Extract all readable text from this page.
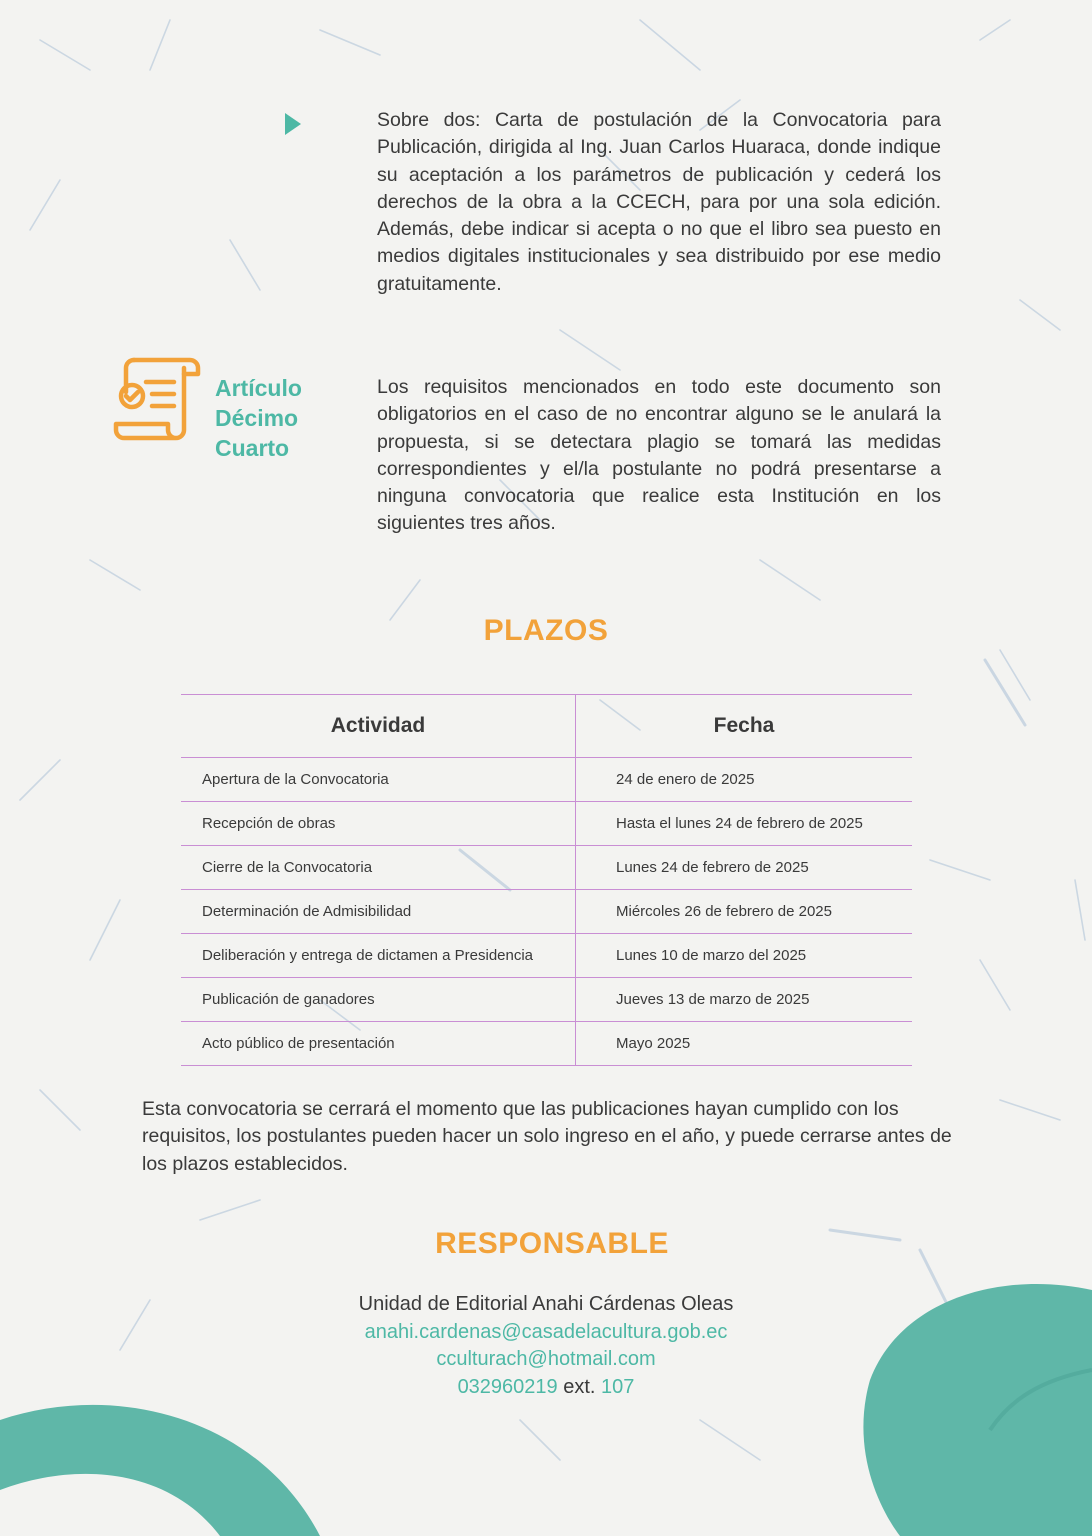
Sobre dos: Carta de postulación de la Convocatoria para Publicación, dirigida al Ing. Juan Carlos Huaraca, donde indique su aceptación a los parámetros de publicación y cederá los derechos de la obra a la CCECH, para por una sola edición. Además, debe indicar si acepta o no que el libro sea puesto en medios digitales institucionales y sea distribuido por ese medio gratuitamente.

Artículo
Décimo
Cuarto

Los requisitos mencionados en todo este documento son obligatorios en el caso de no encontrar alguno se le anulará la propuesta, si se detectara plagio se tomará las medidas correspondientes y el/la postulante no podrá presentarse a ninguna convocatoria que realice esta Institución en los siguientes tres años.

PLAZOS
Actividad	Fecha
Apertura de la Convocatoria	24 de enero de 2025
Recepción de obras	Hasta el lunes 24 de febrero de 2025
Cierre de la Convocatoria	Lunes 24 de febrero de 2025
Determinación de Admisibilidad	Miércoles 26 de febrero de 2025
Deliberación y entrega de dictamen a Presidencia	Lunes 10 de marzo del 2025
Publicación de ganadores	Jueves 13 de marzo de 2025
Acto público de presentación	Mayo 2025

Esta convocatoria se cerrará el momento que las publicaciones hayan cumplido con los requisitos, los postulantes pueden hacer un solo ingreso en el año, y puede cerrarse antes de los plazos establecidos.

RESPONSABLE
Unidad de Editorial Anahi Cárdenas Oleas
anahi.cardenas@casadelacultura.gob.ec
cculturach@hotmail.com
032960219 ext. 107
